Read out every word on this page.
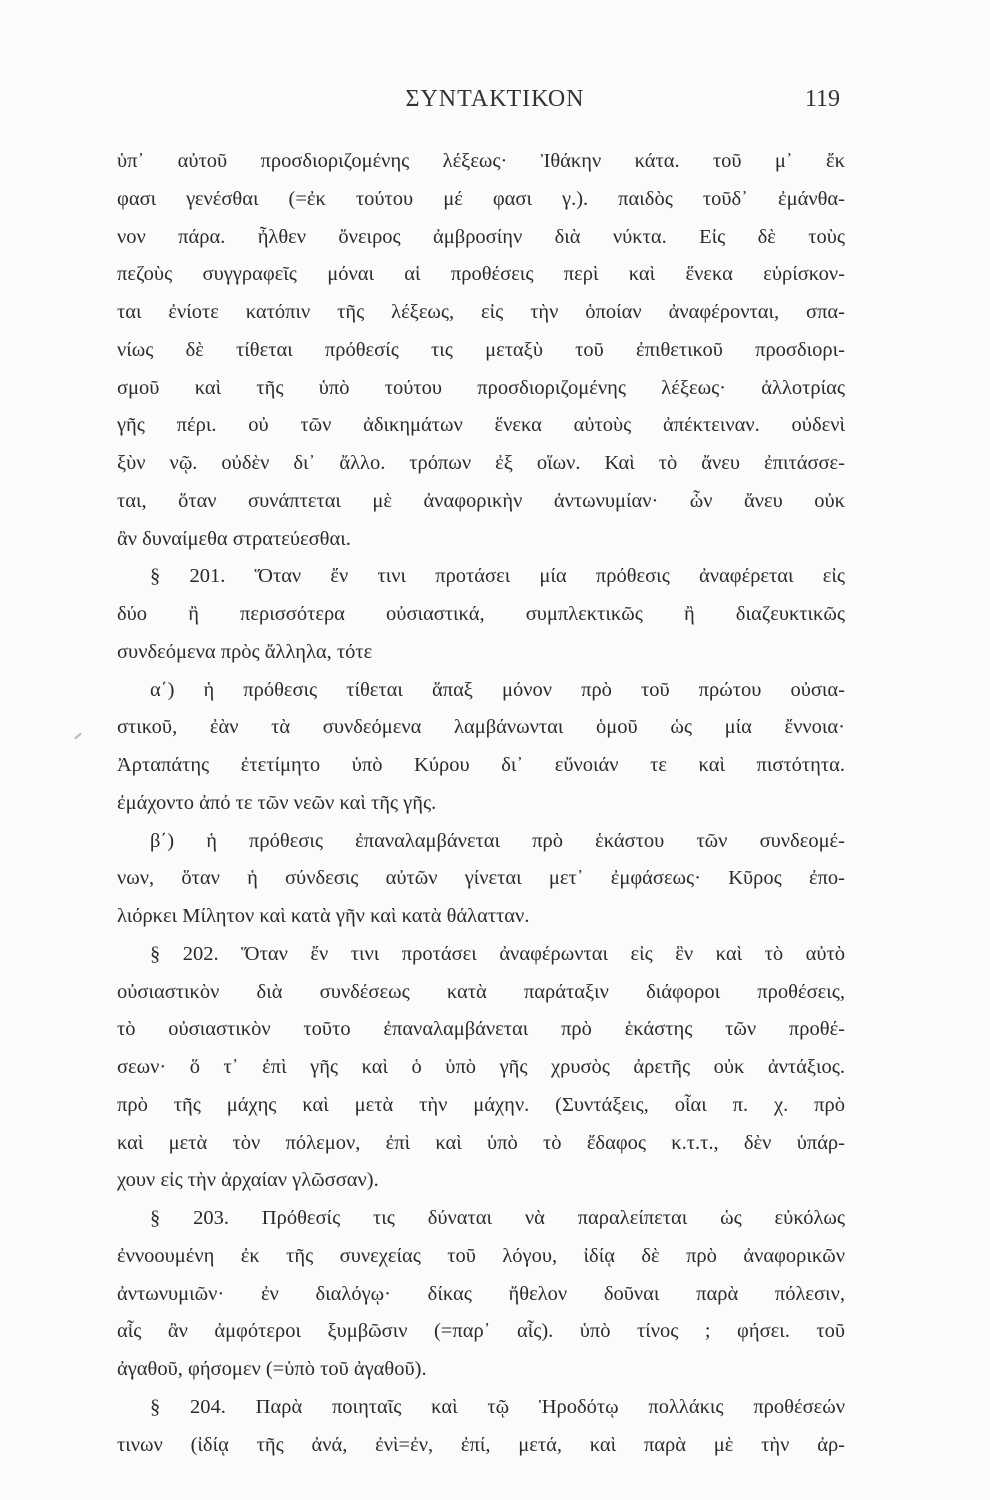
ΣΥΝΤΑΚΤΙΚΟΝ	119
ὑπ᾽ αὐτοῦ προσδιοριζομένης λέξεως· Ἰθάκην κάτα. τοῦ μ᾽ ἔκ
φασι γενέσθαι (=ἐκ τούτου μέ φασι γ.). παιδὸς τοῦδ᾽ ἐμάνθα-
νον πάρα. ἦλθεν ὄνειρος ἀμβροσίην διὰ νύκτα. Εἰς δὲ τοὺς
πεζοὺς συγγραφεῖς μόναι αἱ προθέσεις περὶ καὶ ἕνεκα εὑρίσκον-
ται ἐνίοτε κατόπιν τῆς λέξεως, εἰς τὴν ὁποίαν ἀναφέρονται, σπα-
νίως δὲ τίθεται πρόθεσίς τις μεταξὺ τοῦ ἐπιθετικοῦ προσδιορι-
σμοῦ καὶ τῆς ὑπὸ τούτου προσδιοριζομένης λέξεως· ἀλλοτρίας
γῆς πέρι. οὐ τῶν ἀδικημάτων ἕνεκα αὐτοὺς ἀπέκτειναν. οὐδενὶ
ξὺν νῷ. οὐδὲν δι᾽ ἄλλο. τρόπων ἐξ οἵων. Καὶ τὸ ἄνευ ἐπιτάσσε-
ται, ὅταν συνάπτεται μὲ ἀναφορικὴν ἀντωνυμίαν· ὧν ἄνευ οὐκ
ἂν δυναίμεθα στρατεύεσθαι.
§ 201. Ὅταν ἔν τινι προτάσει μία πρόθεσις ἀναφέρεται εἰς
δύο ἢ περισσότερα οὐσιαστικά, συμπλεκτικῶς ἢ διαζευκτικῶς
συνδεόμενα πρὸς ἄλληλα, τότε
α΄) ἡ πρόθεσις τίθεται ἅπαξ μόνον πρὸ τοῦ πρώτου οὐσια-
στικοῦ, ἐὰν τὰ συνδεόμενα λαμβάνωνται ὁμοῦ ὡς μία ἔννοια·
Ἀρταπάτης ἐτετίμητο ὑπὸ Κύρου δι᾽ εὔνοιάν τε καὶ πιστότητα.
ἐμάχοντο ἀπό τε τῶν νεῶν καὶ τῆς γῆς.
β΄) ἡ πρόθεσις ἐπαναλαμβάνεται πρὸ ἑκάστου τῶν συνδεομέ-
νων, ὅταν ἡ σύνδεσις αὐτῶν γίνεται μετ᾽ ἐμφάσεως· Κῦρος ἐπο-
λιόρκει Μίλητον καὶ κατὰ γῆν καὶ κατὰ θάλατταν.
§ 202. Ὅταν ἔν τινι προτάσει ἀναφέρωνται εἰς ἓν καὶ τὸ αὐτὸ
οὐσιαστικὸν διὰ συνδέσεως κατὰ παράταξιν διάφοροι προθέσεις,
τὸ οὐσιαστικὸν τοῦτο ἐπαναλαμβάνεται πρὸ ἑκάστης τῶν προθέ-
σεων· ὅ τ᾽ ἐπὶ γῆς καὶ ὁ ὑπὸ γῆς χρυσὸς ἀρετῆς οὐκ ἀντάξιος.
πρὸ τῆς μάχης καὶ μετὰ τὴν μάχην. (Συντάξεις, οἷαι π. χ. πρὸ
καὶ μετὰ τὸν πόλεμον, ἐπὶ καὶ ὑπὸ τὸ ἔδαφος κ.τ.τ., δὲν ὑπάρ-
χουν εἰς τὴν ἀρχαίαν γλῶσσαν).
§ 203. Πρόθεσίς τις δύναται νὰ παραλείπεται ὡς εὐκόλως
ἐννοουμένη ἐκ τῆς συνεχείας τοῦ λόγου, ἰδίᾳ δὲ πρὸ ἀναφορικῶν
ἀντωνυμιῶν· ἐν διαλόγῳ· δίκας ἤθελον δοῦναι παρὰ πόλεσιν,
αἷς ἂν ἀμφότεροι ξυμβῶσιν (=παρ᾽ αἷς). ὑπὸ τίνος ; φήσει. τοῦ
ἀγαθοῦ, φήσομεν (=ὑπὸ τοῦ ἀγαθοῦ).
§ 204. Παρὰ ποιηταῖς καὶ τῷ Ἡροδότῳ πολλάκις προθέσεών
τινων (ἰδίᾳ τῆς ἀνά, ἐνὶ=ἐν, ἐπί, μετά, καὶ παρὰ μὲ τὴν ἀρ-
